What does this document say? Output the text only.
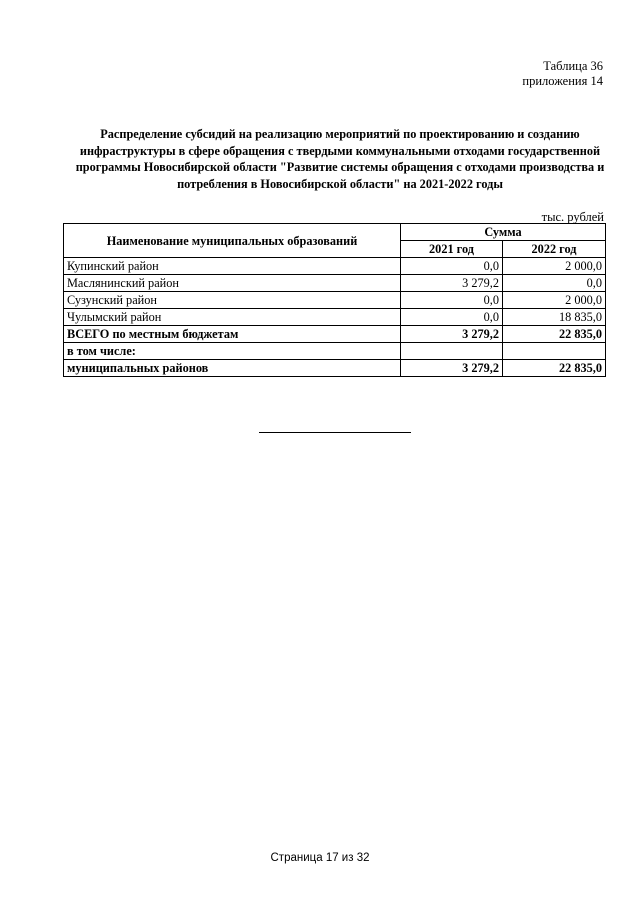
Таблица 36
приложения 14
Распределение субсидий на реализацию мероприятий по проектированию и созданию инфраструктуры в сфере обращения с твердыми коммунальными отходами государственной программы Новосибирской области "Развитие системы обращения с отходами производства и потребления в Новосибирской области" на 2021-2022 годы
тыс. рублей
Наименование муниципальных образований	Сумма	
	2021 год	2022 год
Купинский район	0,0	2 000,0
Маслянинский район	3 279,2	0,0
Сузунский район	0,0	2 000,0
Чулымский район	0,0	18 835,0
ВСЕГО по местным бюджетам	3 279,2	22 835,0
в том числе:		
муниципальных районов	3 279,2	22 835,0
Страница 17 из 32
